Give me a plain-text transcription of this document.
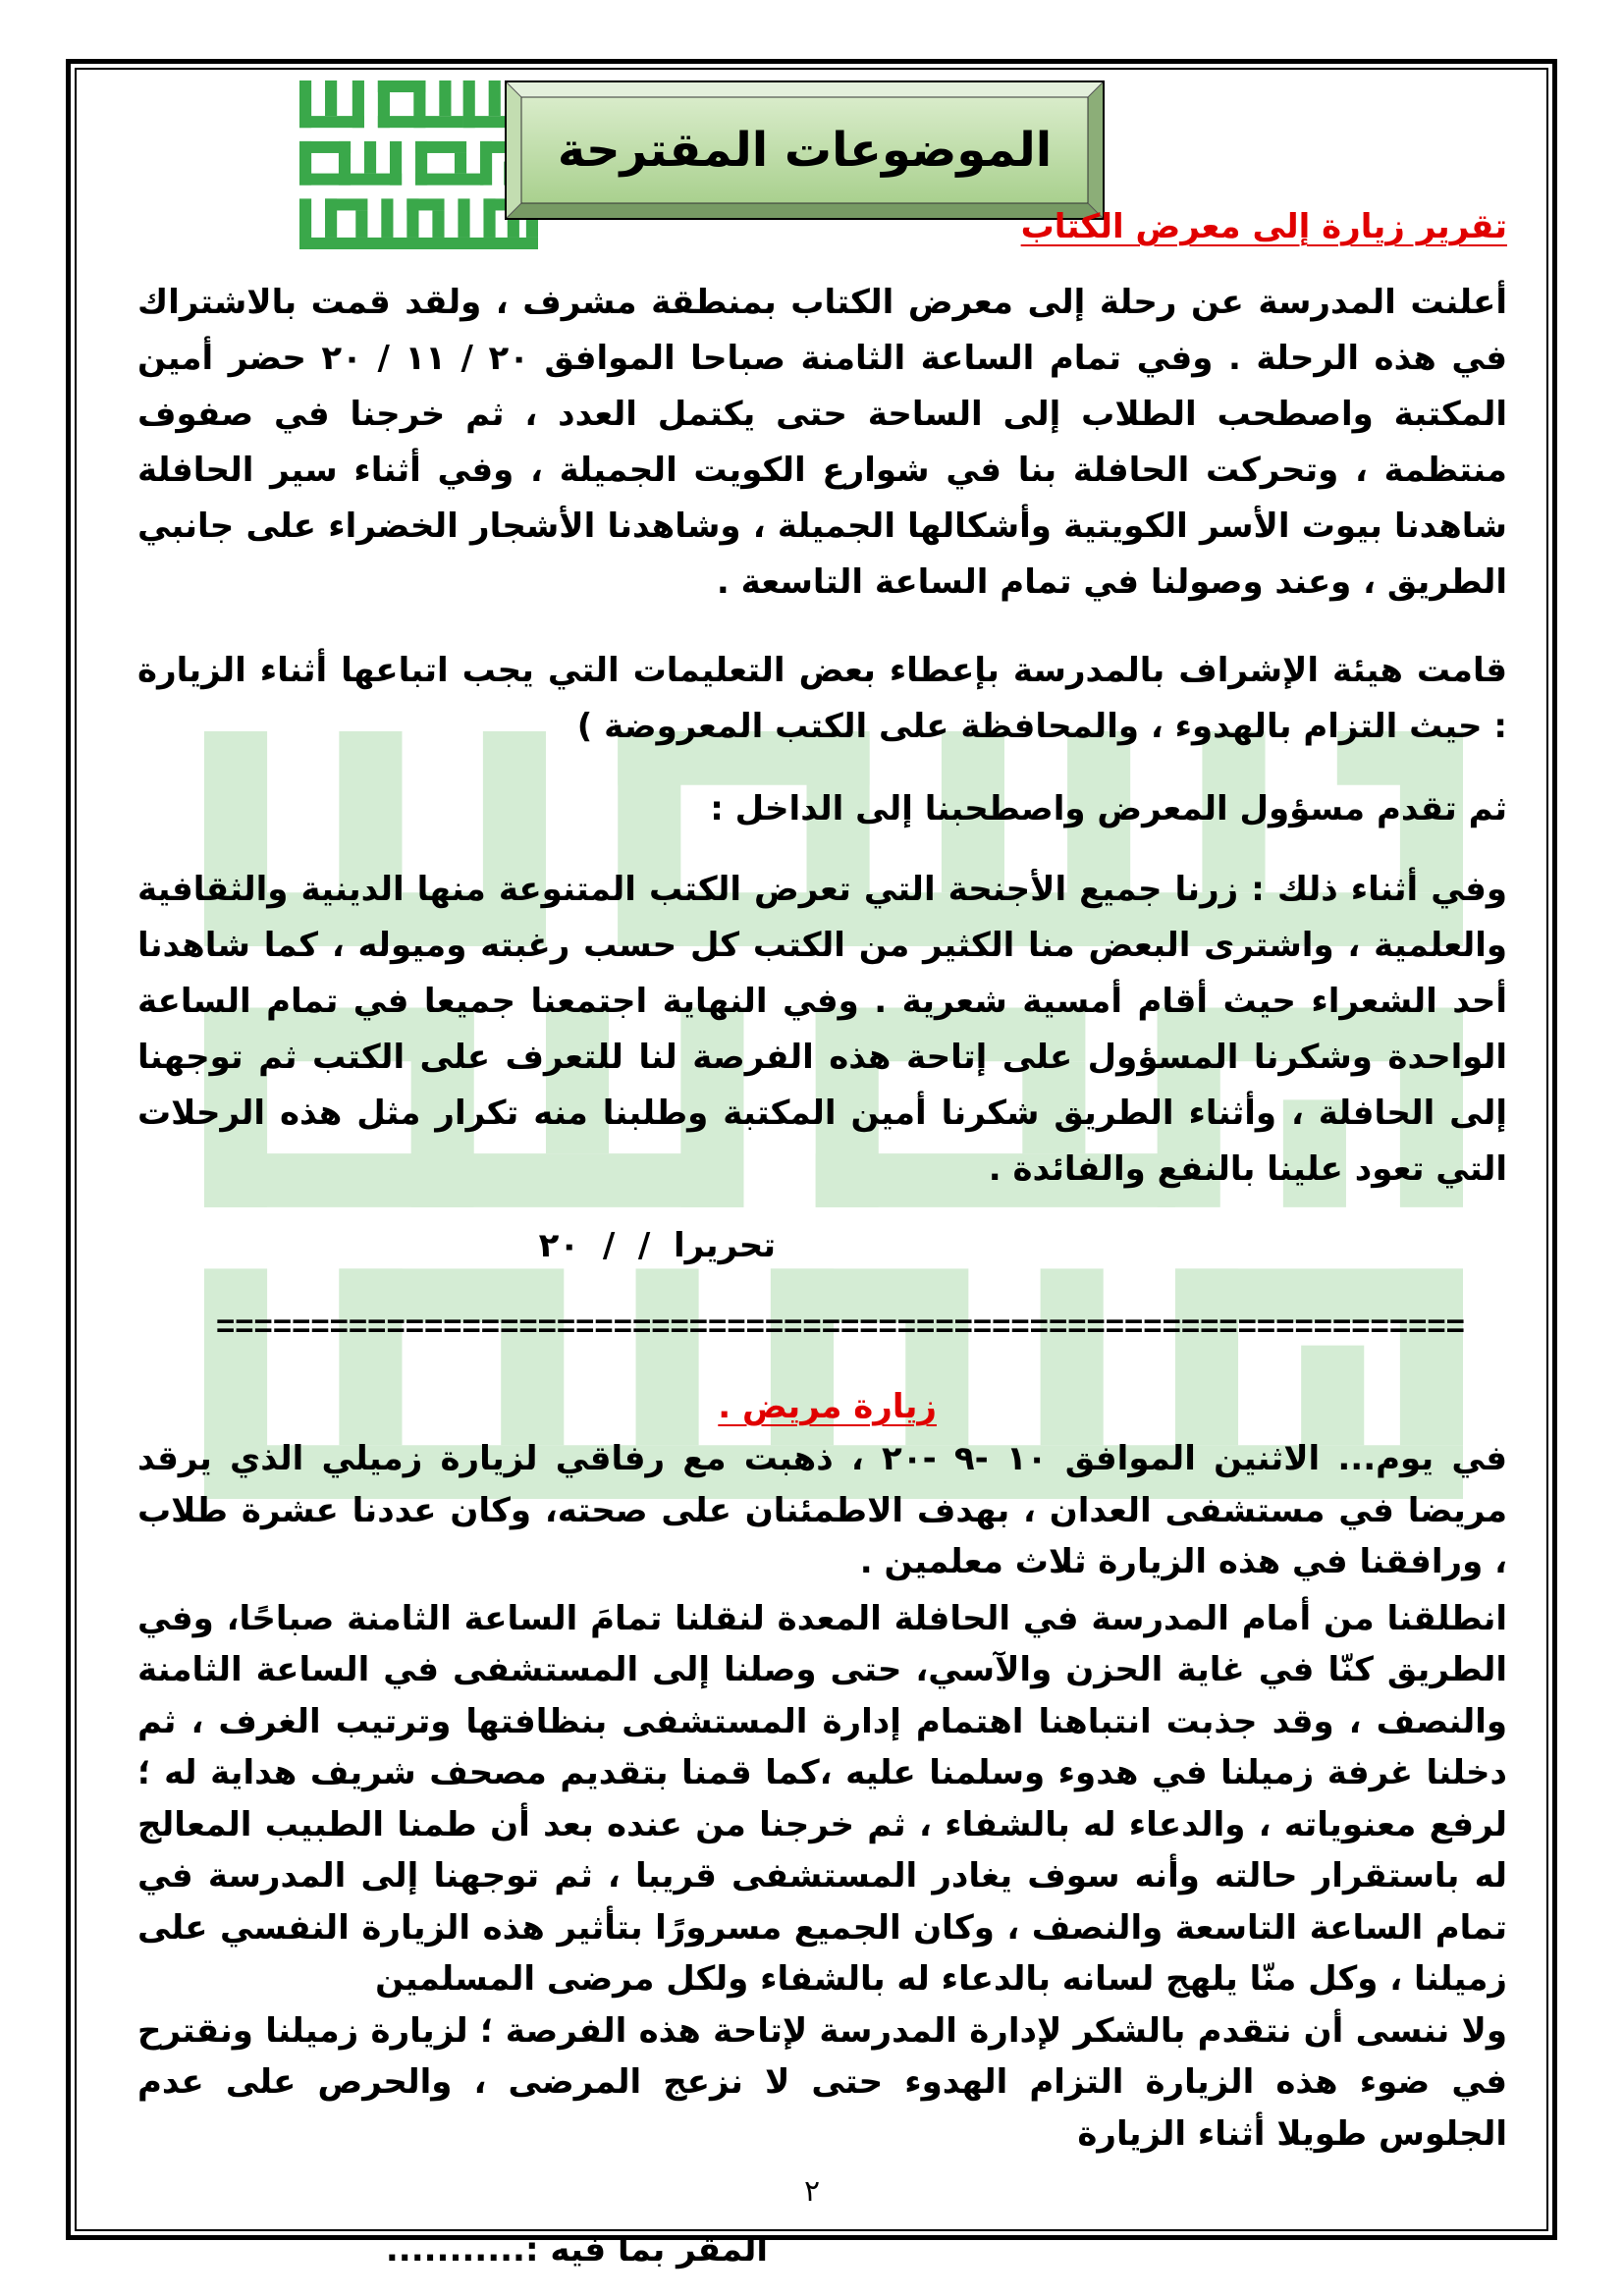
الموضوعات المقترحة
تقرير زيارة إلى معرض الكتاب

أعلنت المدرسة عن رحلة إلى معرض الكتاب بمنطقة مشرف ، ولقد قمت بالاشتراك في هذه الرحلة . وفي تمام الساعة الثامنة صباحا الموافق ٢٠ / ١١ / ٢٠ حضر أمين المكتبة واصطحب الطلاب إلى الساحة حتى يكتمل العدد ، ثم خرجنا في صفوف منتظمة ، وتحركت الحافلة بنا في شوارع الكويت الجميلة ، وفي أثناء سير الحافلة شاهدنا بيوت الأسر الكويتية وأشكالها الجميلة ، وشاهدنا الأشجار الخضراء على جانبي الطريق ، وعند وصولنا في تمام الساعة التاسعة .

قامت هيئة الإشراف بالمدرسة بإعطاء بعض التعليمات التي يجب اتباعها أثناء الزيارة : حيث التزام بالهدوء ، والمحافظة على الكتب المعروضة )

ثم تقدم مسؤول المعرض واصطحبنا إلى الداخل :

وفي أثناء ذلك : زرنا جميع الأجنحة التي تعرض الكتب المتنوعة منها الدينية والثقافية والعلمية ، واشترى البعض منا الكثير من الكتب كل حسب رغبته وميوله ، كما شاهدنا أحد الشعراء حيث أقام أمسية شعرية . وفي النهاية اجتمعنا جميعا في تمام الساعة الواحدة وشكرنا المسؤول على إتاحة هذه الفرصة لنا للتعرف على الكتب ثم توجهنا إلى الحافلة ، وأثناء الطريق شكرنا أمين المكتبة وطلبنا منه تكرار مثل هذه الرحلات التي تعود علينا بالنفع والفائدة .

تحريرا  /  /  ٢٠
==================================================================
زيارة مريض .

في يوم... الاثنين الموافق ١٠ -٩ -٢٠ ، ذهبت مع رفاقي لزيارة زميلي الذي يرقد مريضا في مستشفى العدان ، بهدف الاطمئنان على صحته، وكان عددنا عشرة طلاب ، ورافقنا في هذه الزيارة ثلاث معلمين .

انطلقنا من أمام المدرسة في الحافلة المعدة لنقلنا تمامَ الساعة الثامنة صباحًا، وفي الطريق كنّا في غاية الحزن والآسي، حتى وصلنا إلى المستشفى في الساعة الثامنة والنصف ، وقد جذبت انتباهنا اهتمام إدارة المستشفى بنظافتها وترتيب الغرف ، ثم دخلنا غرفة زميلنا في هدوء وسلمنا عليه ،كما قمنا بتقديم مصحف شريف هداية له ؛ لرفع معنوياته ، والدعاء له بالشفاء ، ثم خرجنا من عنده بعد أن طمنا الطبيب المعالج له باستقرار حالته وأنه سوف يغادر المستشفى قريبا ، ثم توجهنا إلى المدرسة في تمام الساعة التاسعة والنصف ، وكان الجميع مسرورًا بتأثير هذه الزيارة النفسي على زميلنا ، وكل منّا يلهج لسانه بالدعاء له بالشفاء ولكل مرضى المسلمين

ولا ننسى أن نتقدم بالشكر لإدارة المدرسة لإتاحة هذه الفرصة ؛ لزيارة زميلنا ونقترح في ضوء هذه الزيارة التزام الهدوء حتى لا نزعج المرضى ، والحرص على عدم الجلوس طويلا أثناء الزيارة

المقر بما فيه :...........
٢
